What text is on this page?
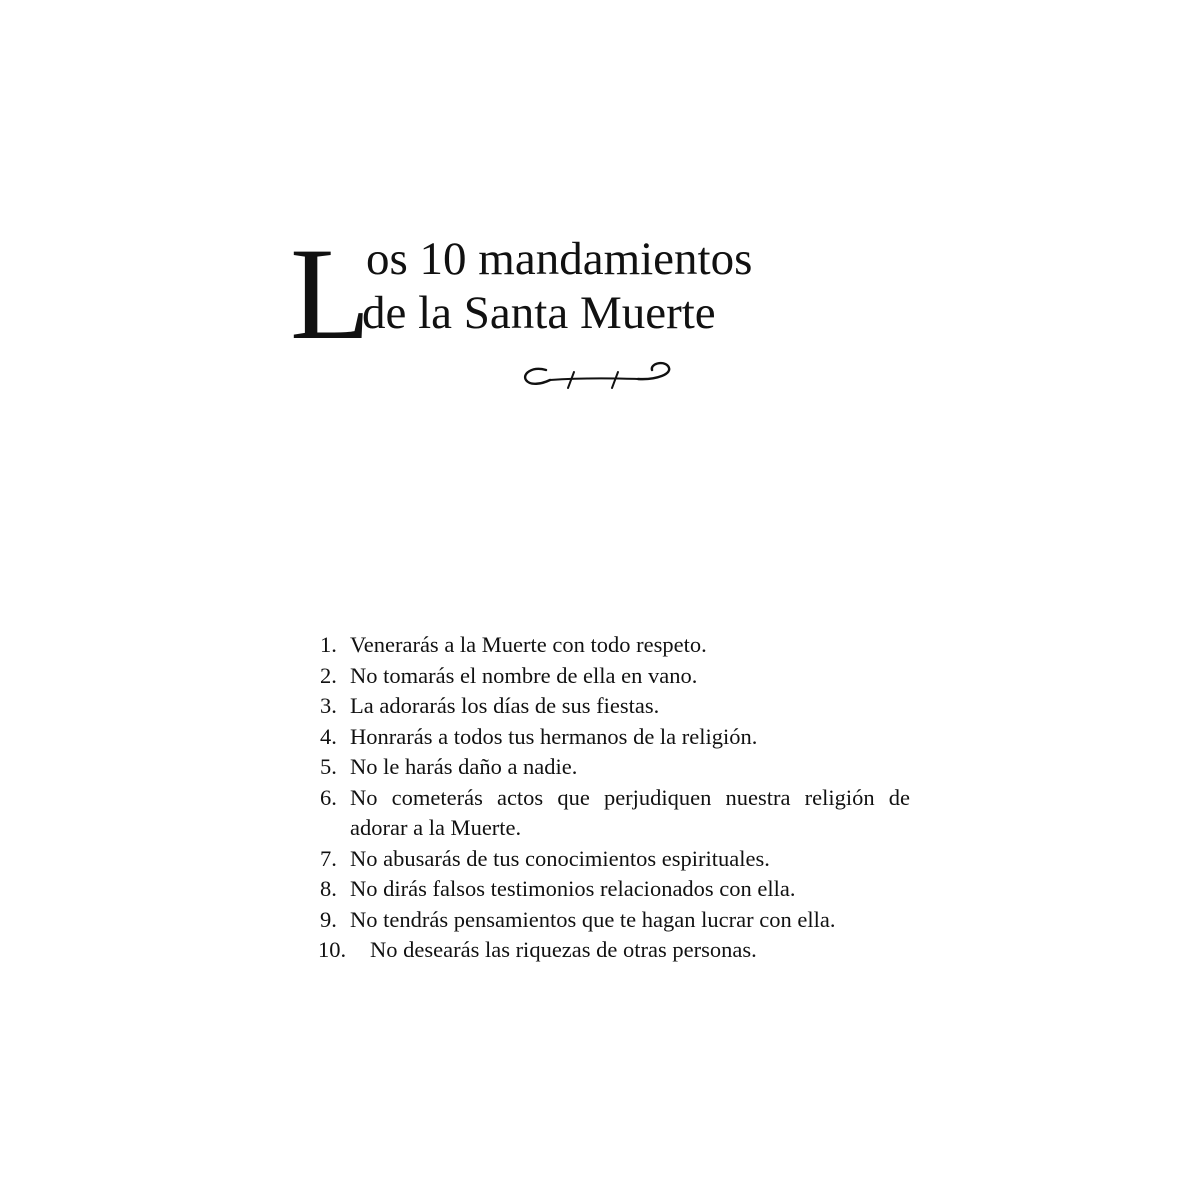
L
os 10 mandamientos
de la Santa Muerte
1. Venerarás a la Muerte con todo respeto.
2. No tomarás el nombre de ella en vano.
3. La adorarás los días de sus fiestas.
4. Honrarás a todos tus hermanos de la religión.
5. No le harás daño a nadie.
6. No cometerás actos que perjudiquen nuestra religión de adorar a la Muerte.
7. No abusarás de tus conocimientos espirituales.
8. No dirás falsos testimonios relacionados con ella.
9. No tendrás pensamientos que te hagan lucrar con ella.
10. No desearás las riquezas de otras personas.
